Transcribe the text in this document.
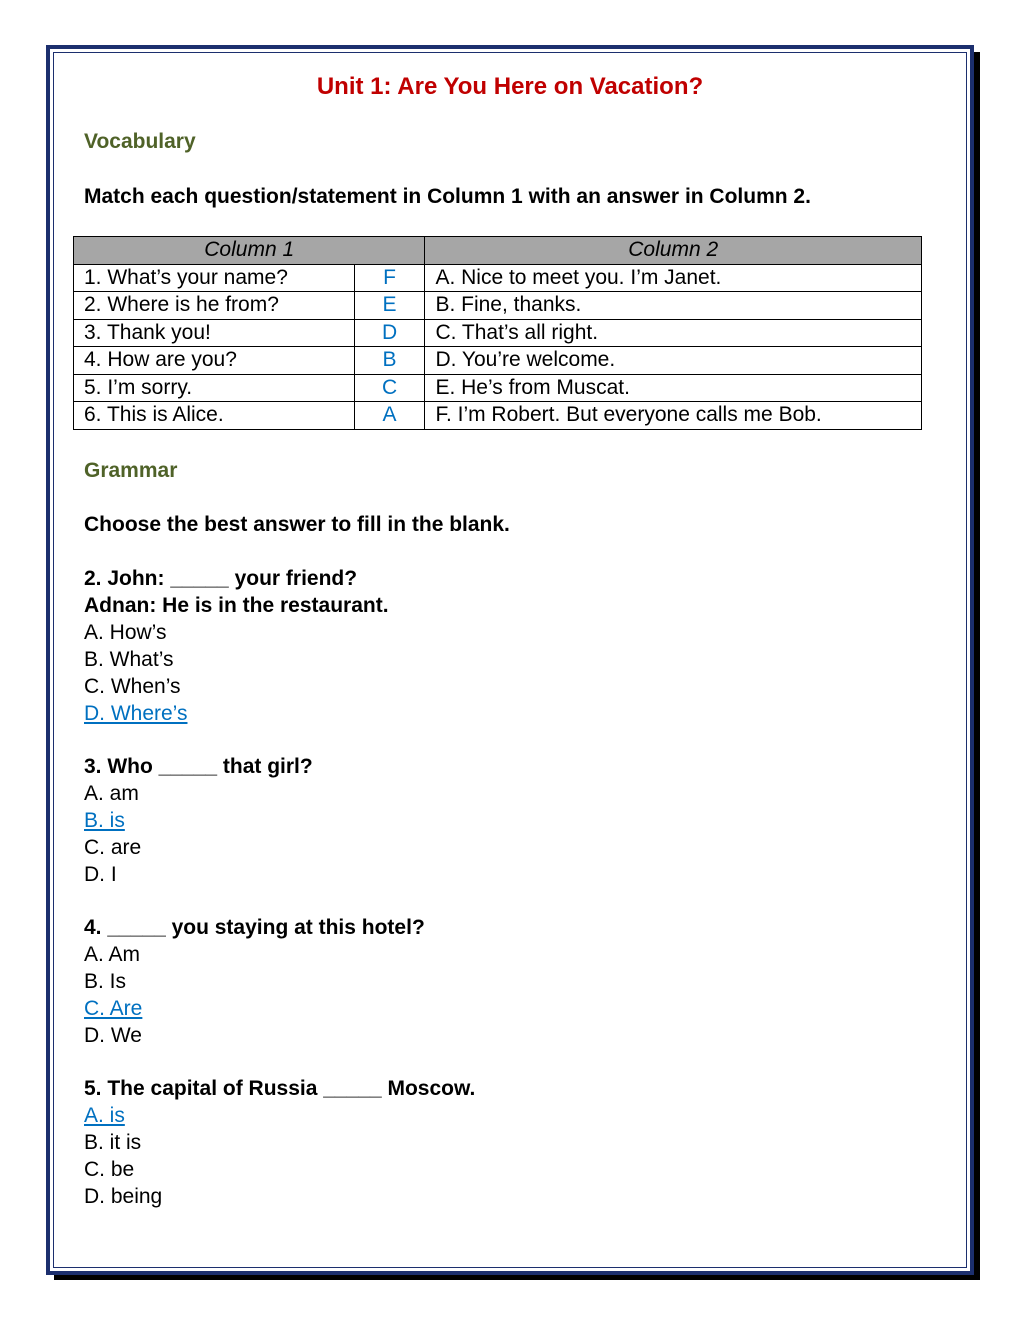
Unit 1: Are You Here on Vacation?
Vocabulary
Match each question/statement in Column 1 with an answer in Column 2.
Column 1		Column 2
1. What’s your name?	F	A. Nice to meet you. I’m Janet.
2. Where is he from?	E	B. Fine, thanks.
3. Thank you!	D	C. That’s all right.
4. How are you?	B	D. You’re welcome.
5. I’m sorry.	C	E. He’s from Muscat.
6. This is Alice.	A	F. I’m Robert. But everyone calls me Bob.
Grammar
Choose the best answer to fill in the blank.
2. John: _____ your friend?
Adnan: He is in the restaurant.
A. How’s
B. What’s
C. When’s
D. Where’s
3. Who _____ that girl?
A. am
B. is
C. are
D. I
4. _____ you staying at this hotel?
A. Am
B. Is
C. Are
D. We
5. The capital of Russia _____ Moscow.
A. is
B. it is
C. be
D. being
